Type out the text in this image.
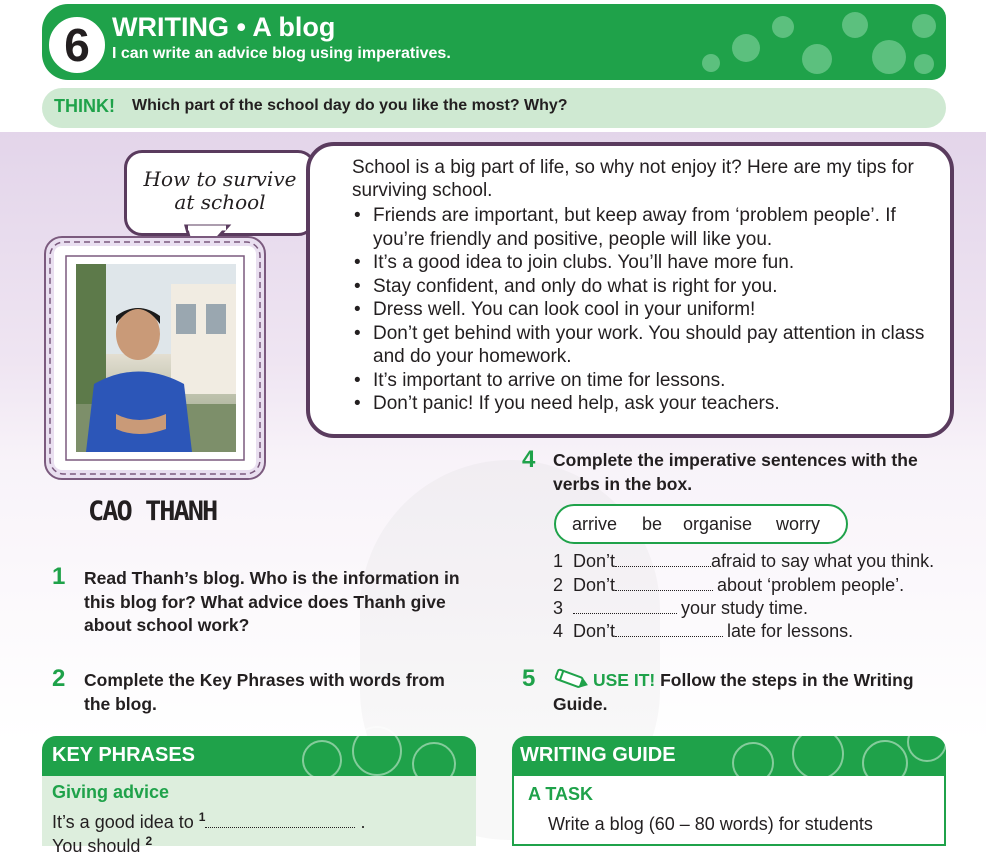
6 WRITING • A blog
I can write an advice blog using imperatives.
THINK! Which part of the school day do you like the most? Why?
How to survive
at school
CAO THANH
School is a big part of life, so why not enjoy it? Here are my tips for surviving school.
• Friends are important, but keep away from ‘problem people’. If you’re friendly and positive, people will like you.
• It’s a good idea to join clubs. You’ll have more fun.
• Stay confident, and only do what is right for you.
• Dress well. You can look cool in your uniform!
• Don’t get behind with your work. You should pay attention in class and do your homework.
• It’s important to arrive on time for lessons.
• Don’t panic! If you need help, ask your teachers.
1 Read Thanh’s blog. Who is the information in
this blog for? What advice does Thanh give
about school work?
2 Complete the Key Phrases with words from
the blog.
4 Complete the imperative sentences with the
verbs in the box.
arrive be organise worry
1 Don’t	afraid to say what you think.
2 Don’t	about ‘problem people’.
3	your study time.
4 Don’t	late for lessons.
5	USE IT! Follow the steps in the Writing
Guide.
KEY PHRASES
Giving advice
It’s a good idea to $^1$	.
You should $^2$
WRITING GUIDE
A TASK
Write a blog (60 – 80 words) for students
